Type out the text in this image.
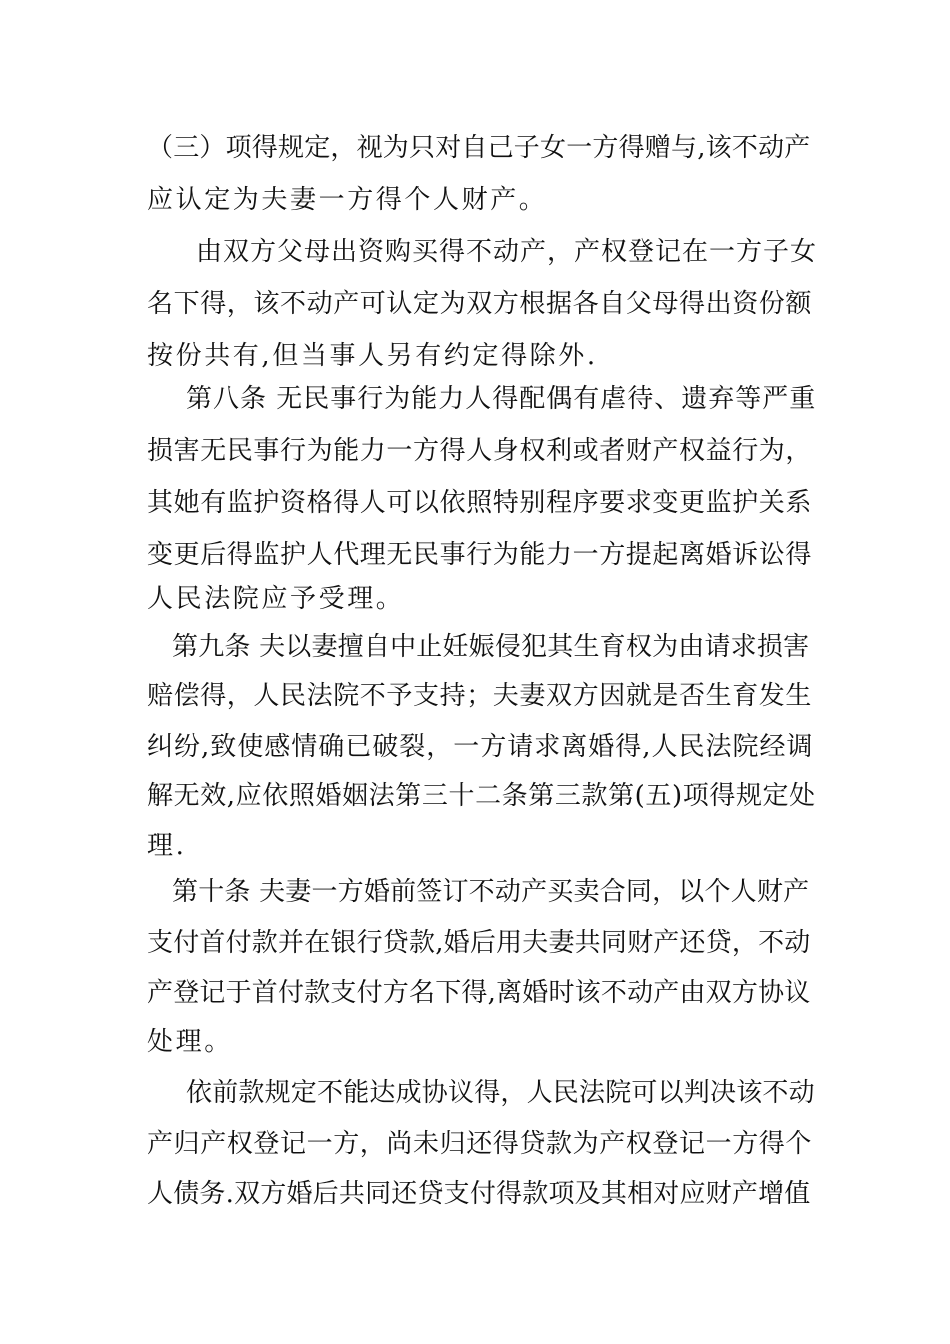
（三）项得规定，视为只对自己子女一方得赠与,该不动产
应认定为夫妻一方得个人财产。
由双方父母出资购买得不动产，产权登记在一方子女
名下得，该不动产可认定为双方根据各自父母得出资份额
按份共有,但当事人另有约定得除外.
第八条 无民事行为能力人得配偶有虐待、遗弃等严重
损害无民事行为能力一方得人身权利或者财产权益行为，
其她有监护资格得人可以依照特别程序要求变更监护关系
变更后得监护人代理无民事行为能力一方提起离婚诉讼得
人民法院应予受理。
第九条 夫以妻擅自中止妊娠侵犯其生育权为由请求损害
赔偿得，人民法院不予支持；夫妻双方因就是否生育发生
纠纷,致使感情确已破裂，一方请求离婚得,人民法院经调
解无效,应依照婚姻法第三十二条第三款第(五)项得规定处
理.
第十条 夫妻一方婚前签订不动产买卖合同，以个人财产
支付首付款并在银行贷款,婚后用夫妻共同财产还贷，不动
产登记于首付款支付方名下得,离婚时该不动产由双方协议
处理。
依前款规定不能达成协议得，人民法院可以判决该不动
产归产权登记一方，尚未归还得贷款为产权登记一方得个
人债务.双方婚后共同还贷支付得款项及其相对应财产增值
